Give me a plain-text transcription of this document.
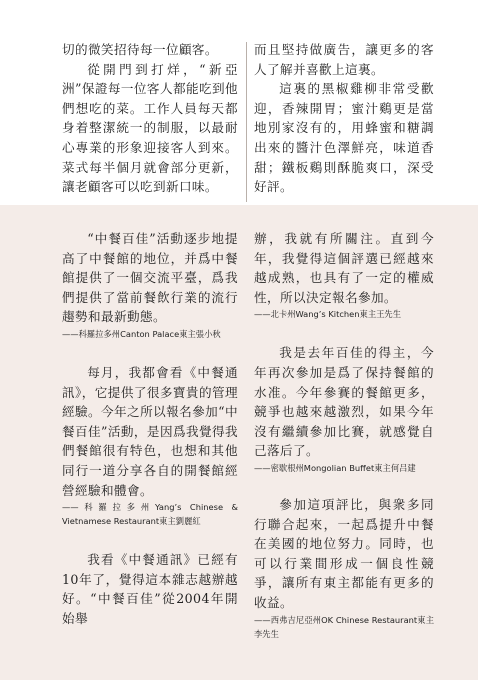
切的微笑招待每一位顧客。

從開門到打烊，“新亞洲”保證每一位客人都能吃到他們想吃的菜。工作人員每天都身着整潔統一的制服，以最耐心專業的形象迎接客人到來。菜式每半個月就會部分更新，讓老顧客可以吃到新口味。

而且堅持做廣告，讓更多的客人了解并喜歡上這裏。

這裏的黑椒雞柳非常受歡迎，香辣開胃；蜜汁鷄更是當地別家沒有的，用蜂蜜和糖調出來的醬汁色澤鮮亮，味道香甜；鐵板鷄則酥脆爽口，深受好評。

“中餐百佳”活動逐步地提高了中餐館的地位，并爲中餐館提供了一個交流平臺，爲我們提供了當前餐飲行業的流行趨勢和最新動態。

——科羅拉多州Canton Palace東主張小秋

每月，我都會看《中餐通訊》，它提供了很多寶貴的管理經驗。今年之所以報名參加“中餐百佳”活動，是因爲我覺得我們餐館很有特色，也想和其他同行一道分享各自的開餐館經營經驗和體會。

——科羅拉多州Yang’s Chinese & Vietnamese Restaurant東主劉麗紅

我看《中餐通訊》已經有10年了，覺得這本雜志越辦越好。“中餐百佳”從2004年開始舉

辦，我就有所關注。直到今年，我覺得這個評選已經越來越成熟，也具有了一定的權威性，所以決定報名參加。

——北卡州Wang’s Kitchen東主王先生

我是去年百佳的得主，今年再次參加是爲了保持餐館的水准。今年參賽的餐館更多，競爭也越來越激烈，如果今年沒有繼續參加比賽，就感覺自己落后了。

——密歇根州Mongolian Buffet東主何吕建

參加這項評比，與衆多同行聯合起來，一起爲提升中餐在美國的地位努力。同時，也可以行業間形成一個良性競爭，讓所有東主都能有更多的收益。

——西弗吉尼亞州OK Chinese Restaurant東主李先生
